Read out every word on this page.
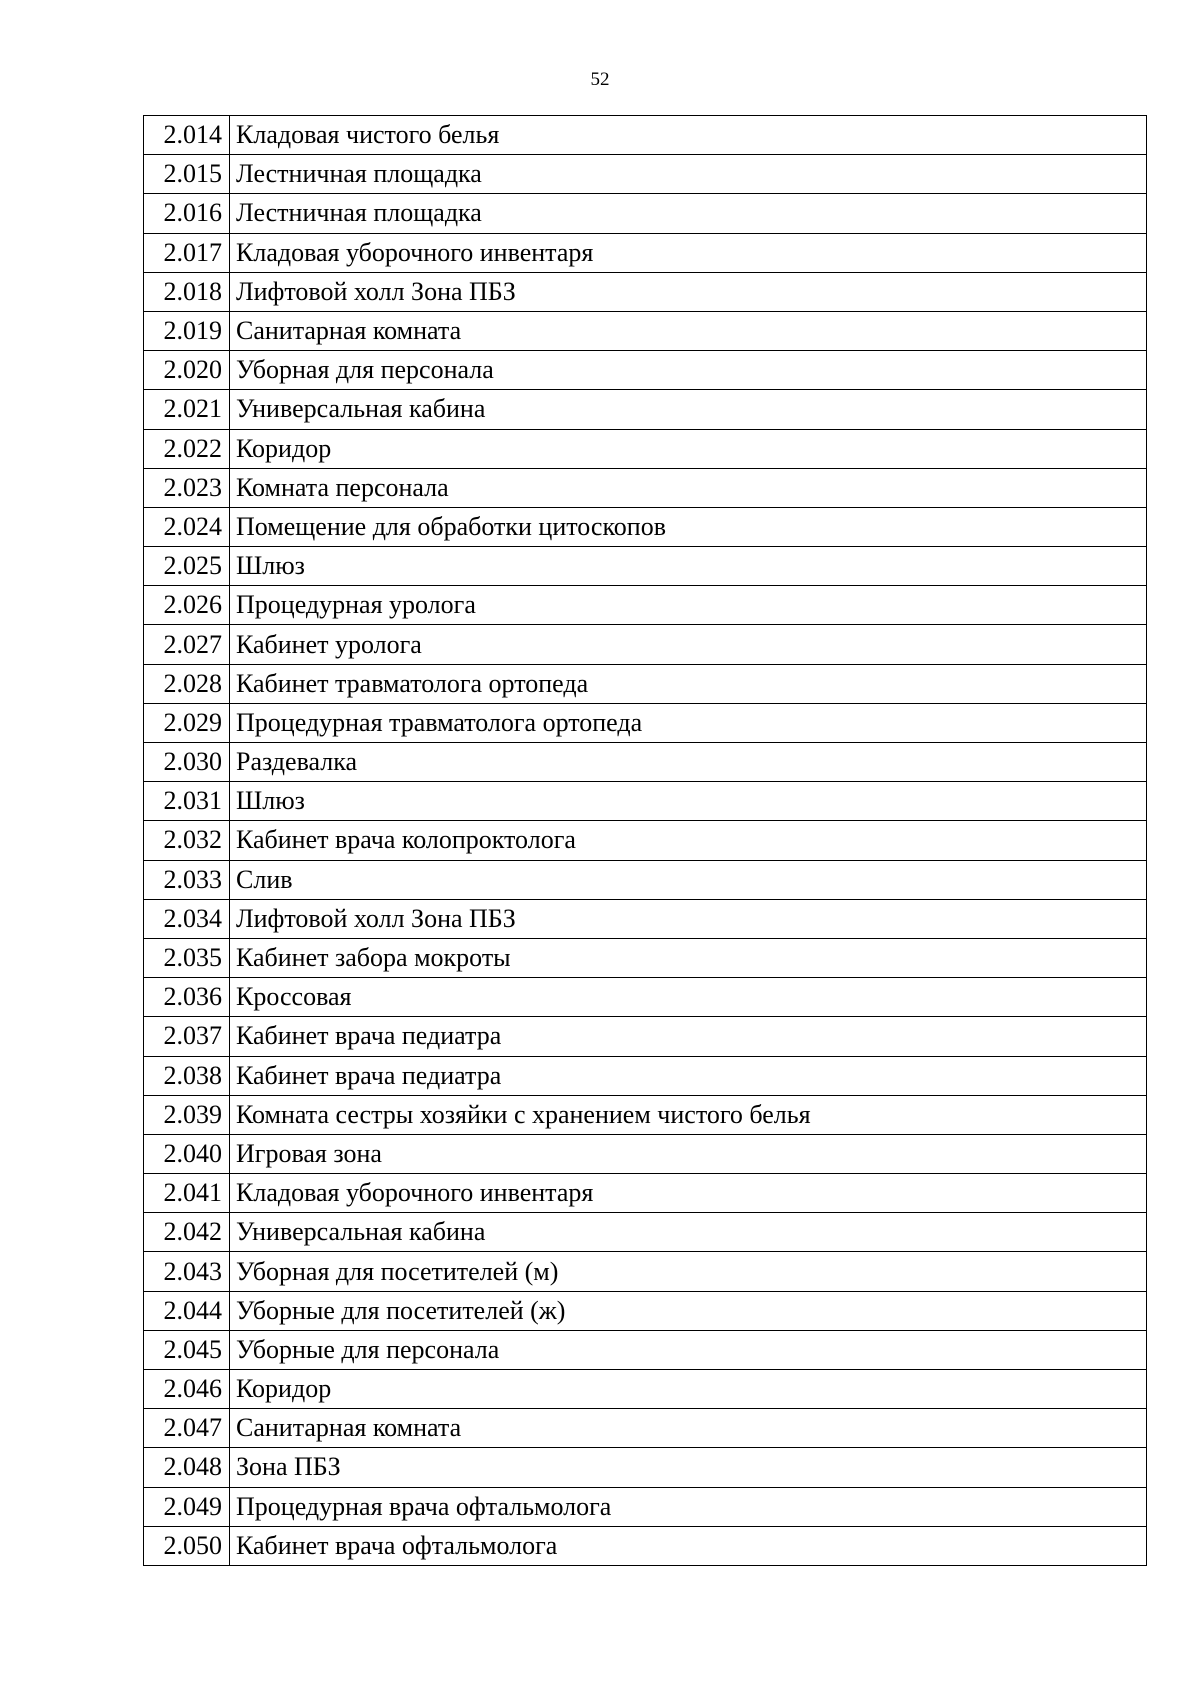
52
2.014	Кладовая чистого белья
2.015	Лестничная площадка
2.016	Лестничная площадка
2.017	Кладовая уборочного инвентаря
2.018	Лифтовой холл Зона ПБЗ
2.019	Санитарная комната
2.020	Уборная для персонала
2.021	Универсальная кабина
2.022	Коридор
2.023	Комната персонала
2.024	Помещение для обработки цитоскопов
2.025	Шлюз
2.026	Процедурная уролога
2.027	Кабинет уролога
2.028	Кабинет травматолога ортопеда
2.029	Процедурная травматолога ортопеда
2.030	Раздевалка
2.031	Шлюз
2.032	Кабинет врача колопроктолога
2.033	Слив
2.034	Лифтовой холл Зона ПБЗ
2.035	Кабинет забора мокроты
2.036	Кроссовая
2.037	Кабинет врача педиатра
2.038	Кабинет врача педиатра
2.039	Комната сестры хозяйки с хранением чистого белья
2.040	Игровая зона
2.041	Кладовая уборочного инвентаря
2.042	Универсальная кабина
2.043	Уборная для посетителей (м)
2.044	Уборные для посетителей (ж)
2.045	Уборные для персонала
2.046	Коридор
2.047	Санитарная комната
2.048	Зона ПБЗ
2.049	Процедурная врача офтальмолога
2.050	Кабинет врача офтальмолога
